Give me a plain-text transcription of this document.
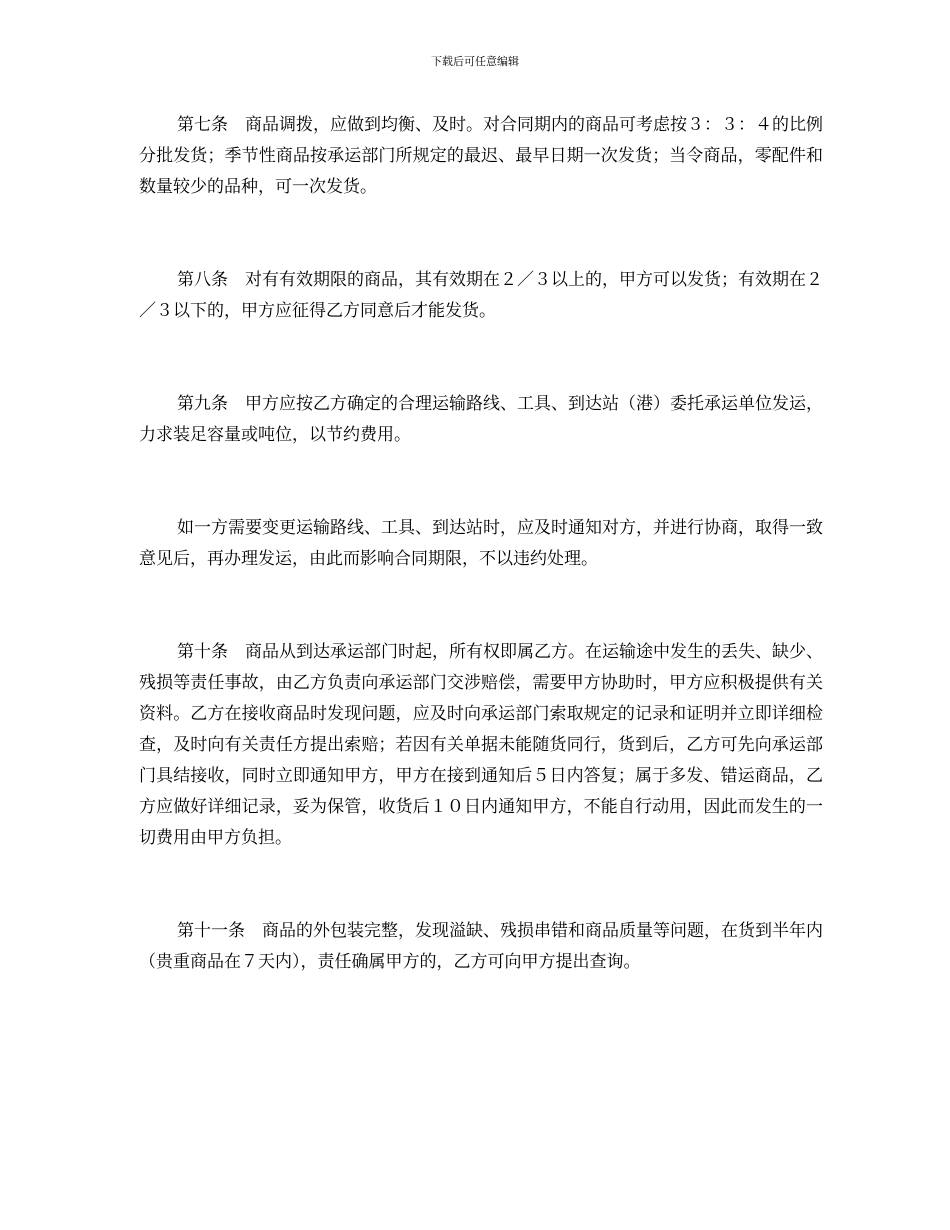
下载后可任意编辑

第七条　商品调拨，应做到均衡、及时。对合同期内的商品可考虑按３：３：４的比例分批发货；季节性商品按承运部门所规定的最迟、最早日期一次发货；当令商品，零配件和数量较少的品种，可一次发货。

第八条　对有有效期限的商品，其有效期在２／３以上的，甲方可以发货；有效期在２／３以下的，甲方应征得乙方同意后才能发货。

第九条　甲方应按乙方确定的合理运输路线、工具、到达站（港）委托承运单位发运，力求装足容量或吨位，以节约费用。

如一方需要变更运输路线、工具、到达站时，应及时通知对方，并进行协商，取得一致意见后，再办理发运，由此而影响合同期限，不以违约处理。

第十条　商品从到达承运部门时起，所有权即属乙方。在运输途中发生的丢失、缺少、残损等责任事故，由乙方负责向承运部门交涉赔偿，需要甲方协助时，甲方应积极提供有关资料。乙方在接收商品时发现问题，应及时向承运部门索取规定的记录和证明并立即详细检查，及时向有关责任方提出索赔；若因有关单据未能随货同行，货到后，乙方可先向承运部门具结接收，同时立即通知甲方，甲方在接到通知后５日内答复；属于多发、错运商品，乙方应做好详细记录，妥为保管，收货后１０日内通知甲方，不能自行动用，因此而发生的一切费用由甲方负担。

第十一条　商品的外包装完整，发现溢缺、残损串错和商品质量等问题，在货到半年内（贵重商品在７天内），责任确属甲方的，乙方可向甲方提出查询。
